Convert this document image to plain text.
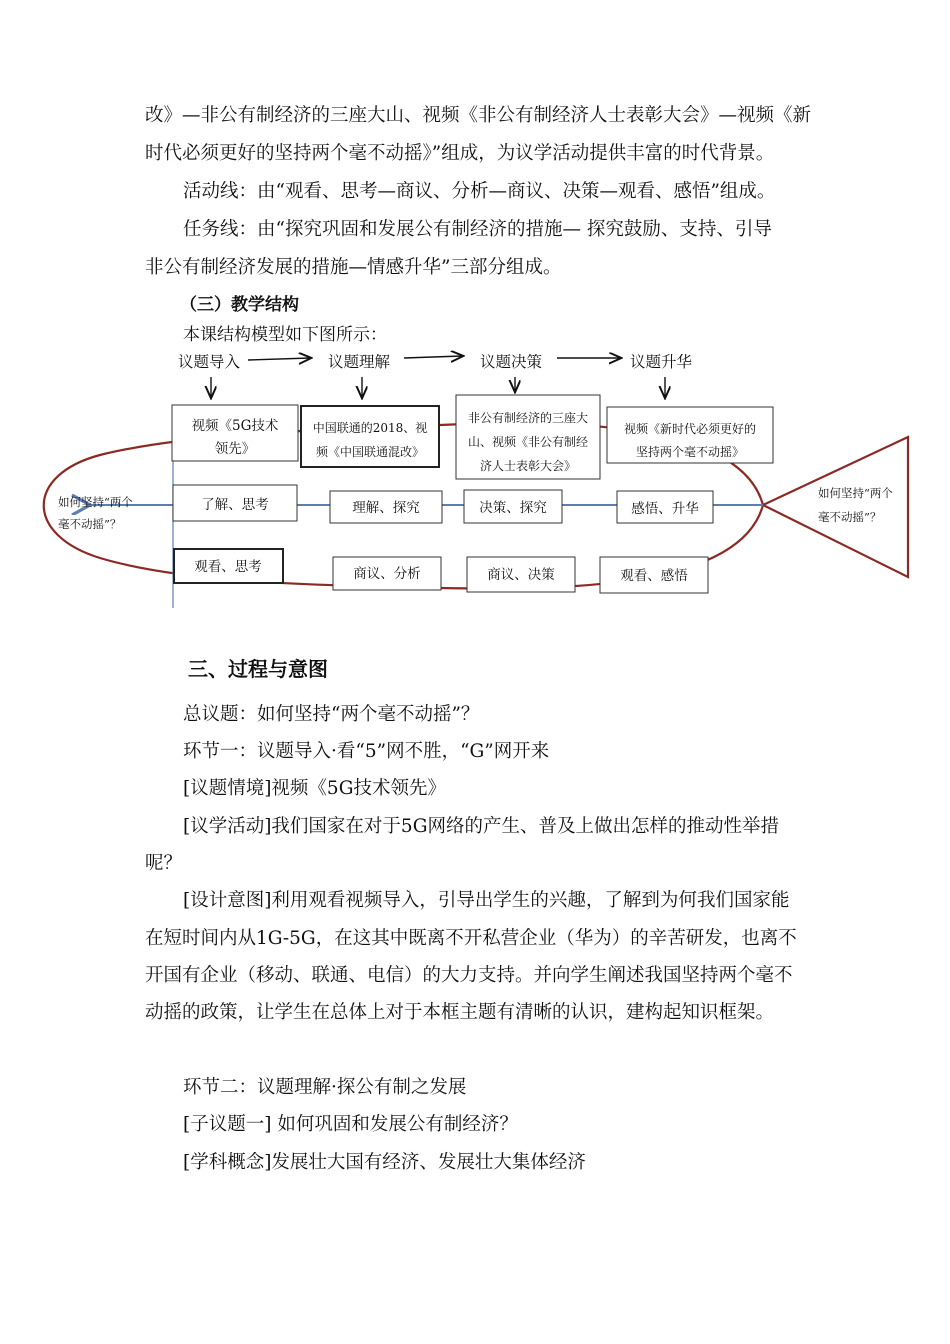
改》—非公有制经济的三座大山、视频《非公有制经济人士表彰大会》—视频《新
时代必须更好的坚持两个毫不动摇》”组成，为议学活动提供丰富的时代背景。
活动线：由“观看、思考—商议、分析—商议、决策—观看、感悟”组成。
任务线：由“探究巩固和发展公有制经济的措施— 探究鼓励、支持、引导
非公有制经济发展的措施—情感升华”三部分组成。
（三）教学结构
本课结构模型如下图所示：
议题导入	议题理解	议题决策	议题升华
视频《5G技术
领先》
中国联通的2018、视
频《中国联通混改》
非公有制经济的三座大
山、视频《非公有制经
济人士表彰大会》
视频《新时代必须更好的
坚持两个毫不动摇》
了解、思考	理解、探究	决策、探究	感悟、升华
观看、思考	商议、分析	商议、决策	观看、感悟
如何坚持“两个
毫不动摇”？
如何坚持“两个
毫不动摇”？
三、过程与意图
总议题：如何坚持“两个毫不动摇”？
环节一：议题导入·看“5”网不胜，“G”网开来
[议题情境]视频《5G技术领先》
[议学活动]我们国家在对于5G网络的产生、普及上做出怎样的推动性举措
呢？
[设计意图]利用观看视频导入，引导出学生的兴趣，了解到为何我们国家能
在短时间内从1G-5G，在这其中既离不开私营企业（华为）的辛苦研发，也离不
开国有企业（移动、联通、电信）的大力支持。并向学生阐述我国坚持两个毫不
动摇的政策，让学生在总体上对于本框主题有清晰的认识，建构起知识框架。
环节二：议题理解·探公有制之发展
[子议题一] 如何巩固和发展公有制经济？
[学科概念]发展壮大国有经济、发展壮大集体经济
